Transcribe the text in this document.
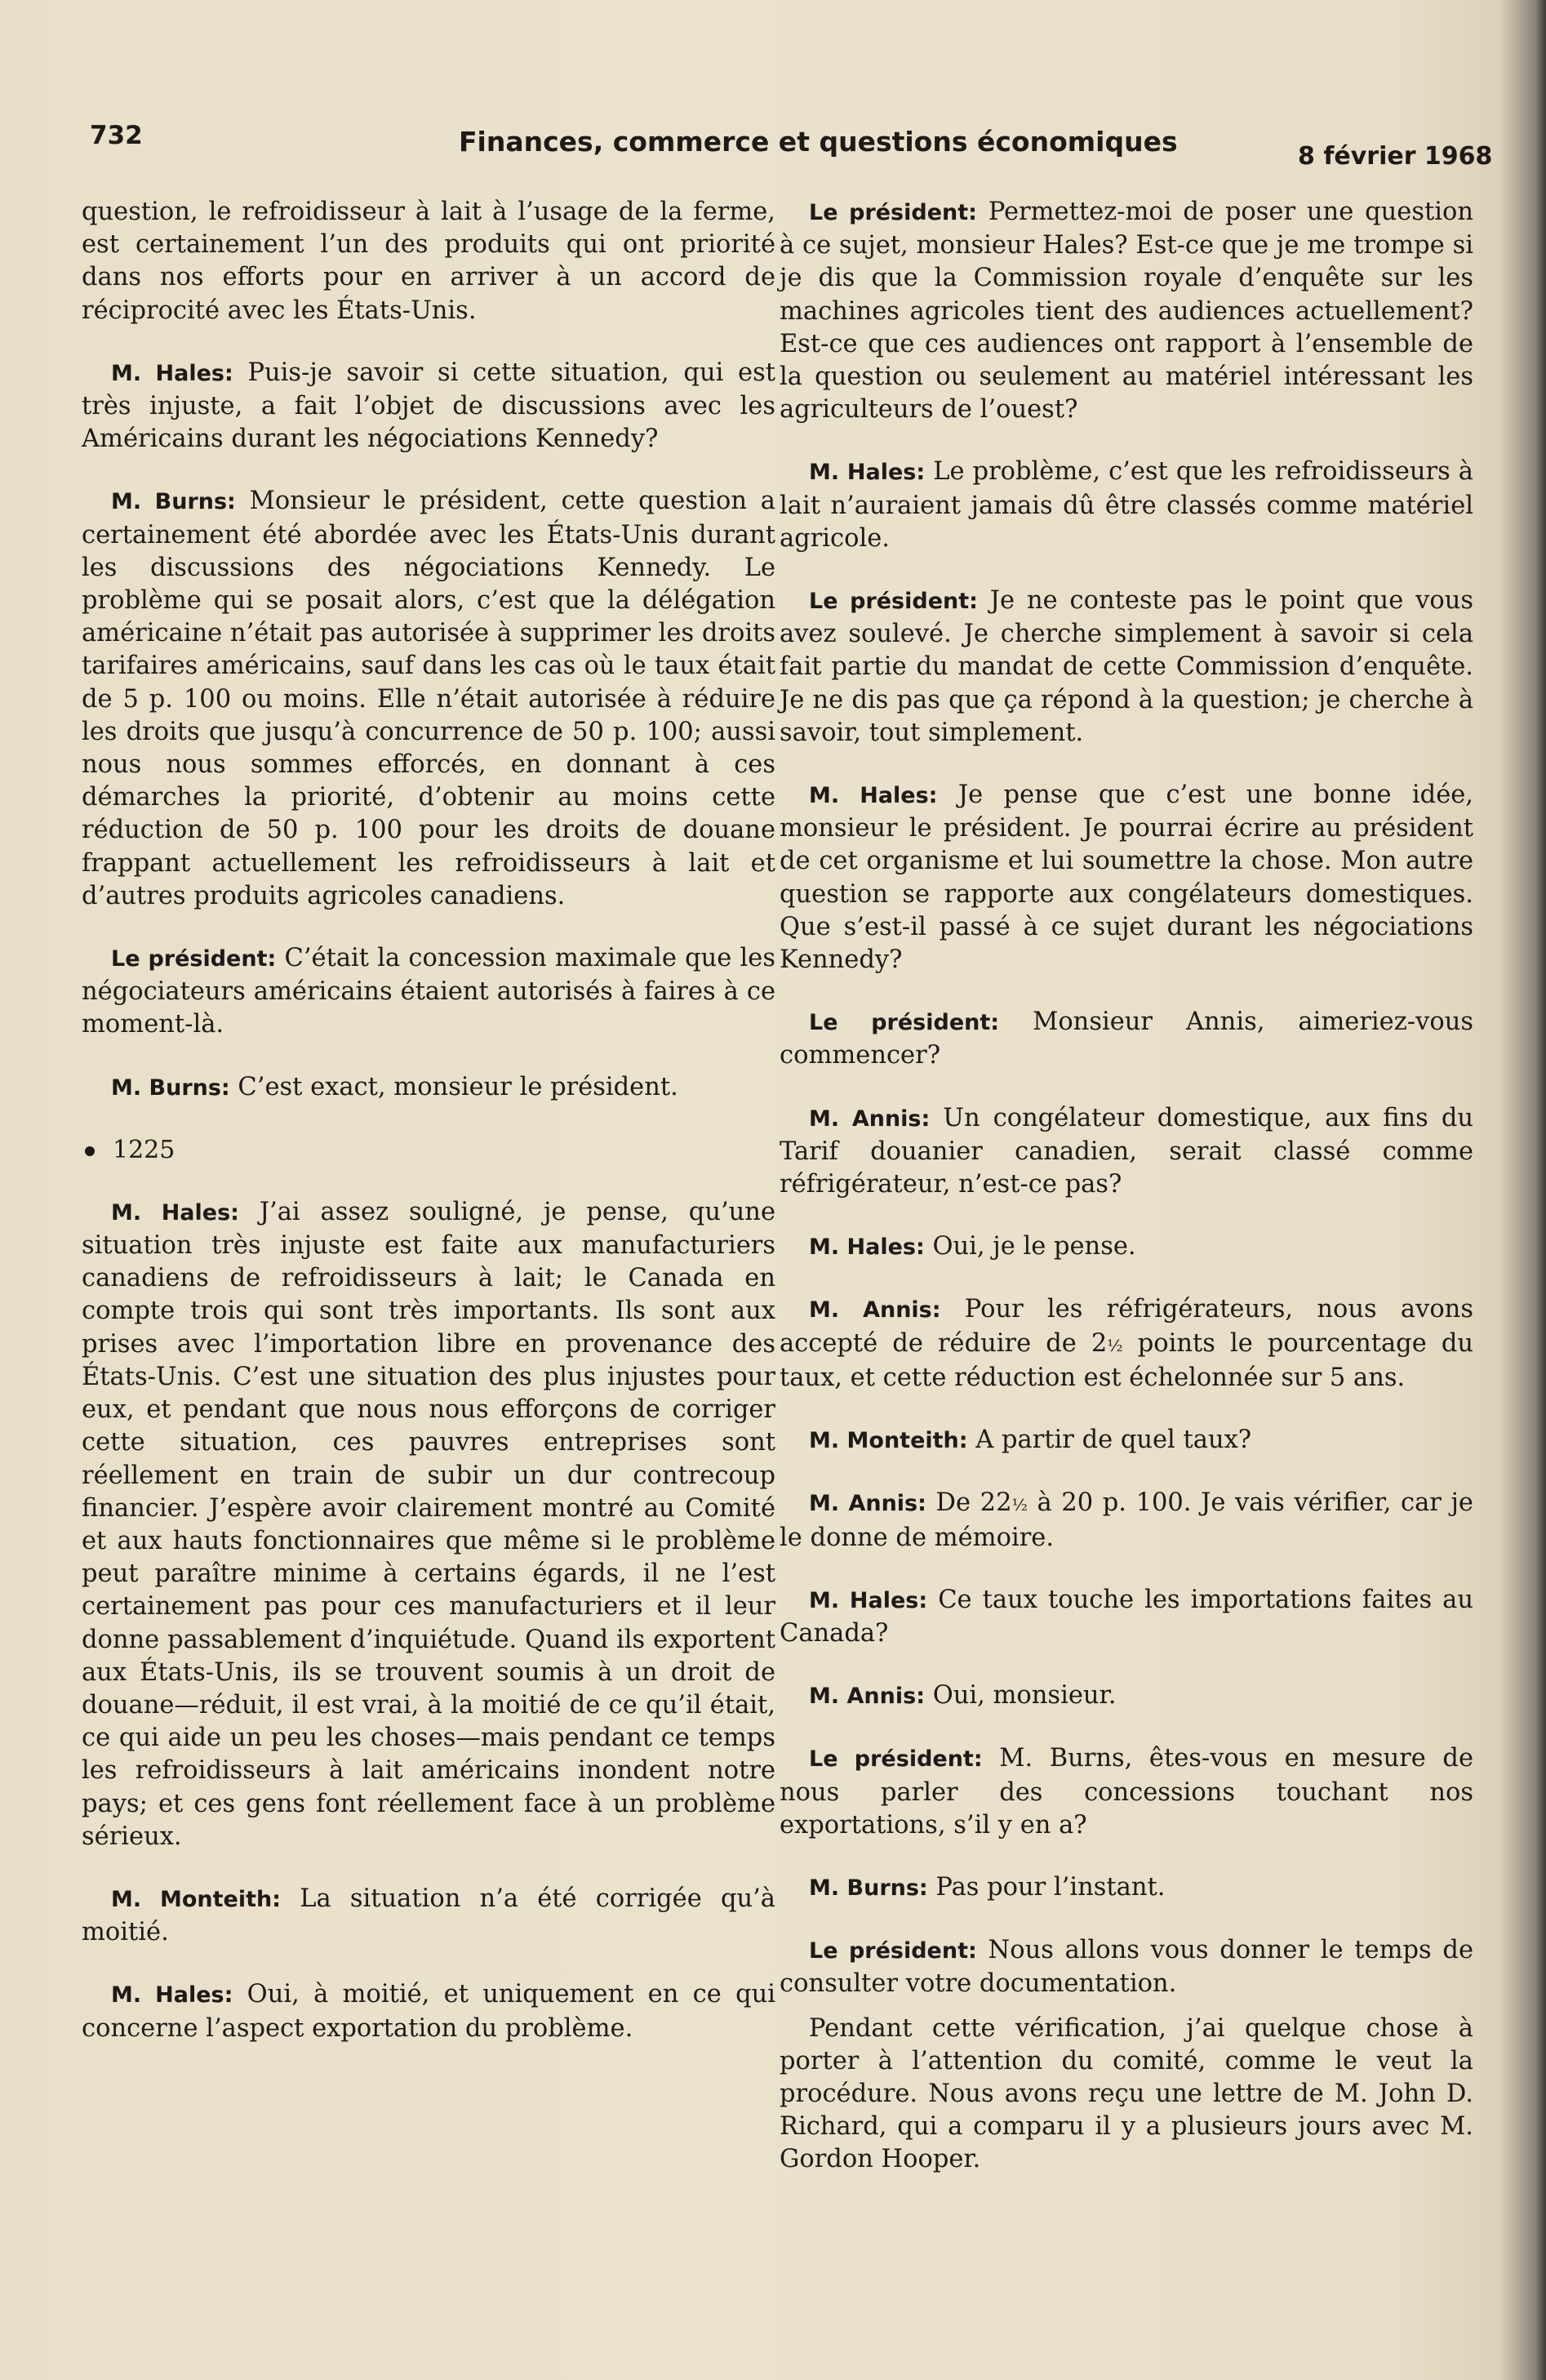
732	Finances, commerce et questions économiques	8 février 1968

question, le refroidisseur à lait à l’usage de la ferme, est certainement l’un des produits qui ont priorité dans nos efforts pour en arriver à un accord de réciprocité avec les États-Unis.

M. Hales: Puis-je savoir si cette situation, qui est très injuste, a fait l’objet de discussions avec les Américains durant les négociations Kennedy?

M. Burns: Monsieur le président, cette question a certainement été abordée avec les États-Unis durant les discussions des négociations Kennedy. Le problème qui se posait alors, c’est que la délégation américaine n’était pas autorisée à supprimer les droits tarifaires américains, sauf dans les cas où le taux était de 5 p. 100 ou moins. Elle n’était autorisée à réduire les droits que jusqu’à concurrence de 50 p. 100; aussi nous nous sommes efforcés, en donnant à ces démarches la priorité, d’obtenir au moins cette réduction de 50 p. 100 pour les droits de douane frappant actuellement les refroidisseurs à lait et d’autres produits agricoles canadiens.

Le président: C’était la concession maximale que les négociateurs américains étaient autorisés à faires à ce moment-là.

M. Burns: C’est exact, monsieur le président.

1225

M. Hales: J’ai assez souligné, je pense, qu’une situation très injuste est faite aux manufacturiers canadiens de refroidisseurs à lait; le Canada en compte trois qui sont très importants. Ils sont aux prises avec l’importation libre en provenance des États-Unis. C’est une situation des plus injustes pour eux, et pendant que nous nous efforçons de corriger cette situation, ces pauvres entreprises sont réellement en train de subir un dur contrecoup financier. J’espère avoir clairement montré au Comité et aux hauts fonctionnaires que même si le problème peut paraître minime à certains égards, il ne l’est certainement pas pour ces manufacturiers et il leur donne passablement d’inquiétude. Quand ils exportent aux États-Unis, ils se trouvent soumis à un droit de douane—réduit, il est vrai, à la moitié de ce qu’il était, ce qui aide un peu les choses—mais pendant ce temps les refroidisseurs à lait américains inondent notre pays; et ces gens font réellement face à un problème sérieux.

M. Monteith: La situation n’a été corrigée qu’à moitié.

M. Hales: Oui, à moitié, et uniquement en ce qui concerne l’aspect exportation du problème.

Le président: Permettez-moi de poser une question à ce sujet, monsieur Hales? Est-ce que je me trompe si je dis que la Commission royale d’enquête sur les machines agricoles tient des audiences actuellement? Est-ce que ces audiences ont rapport à l’ensemble de la question ou seulement au matériel intéressant les agriculteurs de l’ouest?

M. Hales: Le problème, c’est que les refroidisseurs à lait n’auraient jamais dû être classés comme matériel agricole.

Le président: Je ne conteste pas le point que vous avez soulevé. Je cherche simplement à savoir si cela fait partie du mandat de cette Commission d’enquête. Je ne dis pas que ça répond à la question; je cherche à savoir, tout simplement.

M. Hales: Je pense que c’est une bonne idée, monsieur le président. Je pourrai écrire au président de cet organisme et lui soumettre la chose. Mon autre question se rapporte aux congélateurs domestiques. Que s’est-il passé à ce sujet durant les négociations Kennedy?

Le président: Monsieur Annis, aimeriez-vous commencer?

M. Annis: Un congélateur domestique, aux fins du Tarif douanier canadien, serait classé comme réfrigérateur, n’est-ce pas?

M. Hales: Oui, je le pense.

M. Annis: Pour les réfrigérateurs, nous avons accepté de réduire de 2½ points le pourcentage du taux, et cette réduction est échelonnée sur 5 ans.

M. Monteith: A partir de quel taux?

M. Annis: De 22½ à 20 p. 100. Je vais vérifier, car je le donne de mémoire.

M. Hales: Ce taux touche les importations faites au Canada?

M. Annis: Oui, monsieur.

Le président: M. Burns, êtes-vous en mesure de nous parler des concessions touchant nos exportations, s’il y en a?

M. Burns: Pas pour l’instant.

Le président: Nous allons vous donner le temps de consulter votre documentation.

Pendant cette vérification, j’ai quelque chose à porter à l’attention du comité, comme le veut la procédure. Nous avons reçu une lettre de M. John D. Richard, qui a comparu il y a plusieurs jours avec M. Gordon Hooper.
